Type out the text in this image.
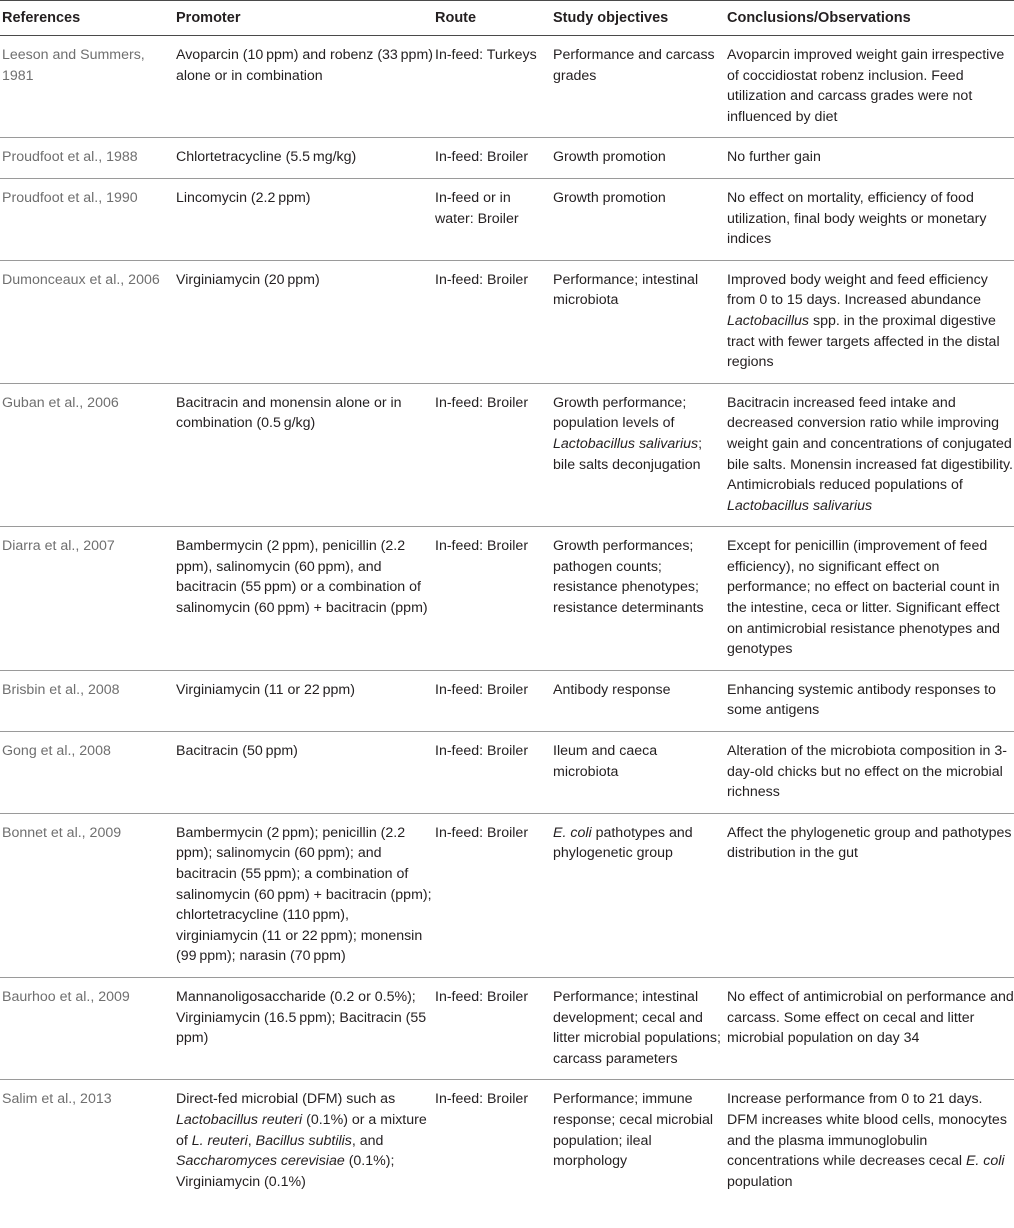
References	Promoter	Route	Study objectives	Conclusions/Observations
Leeson and Summers, 1981	Avoparcin (10 ppm) and robenz (33 ppm) alone or in combination	In-feed: Turkeys	Performance and carcass grades	Avoparcin improved weight gain irrespective of coccidiostat robenz inclusion. Feed utilization and carcass grades were not influenced by diet
Proudfoot et al., 1988	Chlortetracycline (5.5 mg/kg)	In-feed: Broiler	Growth promotion	No further gain
Proudfoot et al., 1990	Lincomycin (2.2 ppm)	In-feed or in water: Broiler	Growth promotion	No effect on mortality, efficiency of food utilization, final body weights or monetary indices
Dumonceaux et al., 2006	Virginiamycin (20 ppm)	In-feed: Broiler	Performance; intestinal microbiota	Improved body weight and feed efficiency from 0 to 15 days. Increased abundance Lactobacillus spp. in the proximal digestive tract with fewer targets affected in the distal regions
Guban et al., 2006	Bacitracin and monensin alone or in combination (0.5 g/kg)	In-feed: Broiler	Growth performance; population levels of Lactobacillus salivarius; bile salts deconjugation	Bacitracin increased feed intake and decreased conversion ratio while improving weight gain and concentrations of conjugated bile salts. Monensin increased fat digestibility. Antimicrobials reduced populations of Lactobacillus salivarius
Diarra et al., 2007	Bambermycin (2 ppm), penicillin (2.2 ppm), salinomycin (60 ppm), and bacitracin (55 ppm) or a combination of salinomycin (60 ppm) + bacitracin (ppm)	In-feed: Broiler	Growth performances; pathogen counts; resistance phenotypes; resistance determinants	Except for penicillin (improvement of feed efficiency), no significant effect on performance; no effect on bacterial count in the intestine, ceca or litter. Significant effect on antimicrobial resistance phenotypes and genotypes
Brisbin et al., 2008	Virginiamycin (11 or 22 ppm)	In-feed: Broiler	Antibody response	Enhancing systemic antibody responses to some antigens
Gong et al., 2008	Bacitracin (50 ppm)	In-feed: Broiler	Ileum and caeca microbiota	Alteration of the microbiota composition in 3-day-old chicks but no effect on the microbial richness
Bonnet et al., 2009	Bambermycin (2 ppm); penicillin (2.2 ppm); salinomycin (60 ppm); and bacitracin (55 ppm); a combination of salinomycin (60 ppm) + bacitracin (ppm); chlortetracycline (110 ppm), virginiamycin (11 or 22 ppm); monensin (99 ppm); narasin (70 ppm)	In-feed: Broiler	E. coli pathotypes and phylogenetic group	Affect the phylogenetic group and pathotypes distribution in the gut
Baurhoo et al., 2009	Mannanoligosaccharide (0.2 or 0.5%); Virginiamycin (16.5 ppm); Bacitracin (55 ppm)	In-feed: Broiler	Performance; intestinal development; cecal and litter microbial populations; carcass parameters	No effect of antimicrobial on performance and carcass. Some effect on cecal and litter microbial population on day 34
Salim et al., 2013	Direct-fed microbial (DFM) such as Lactobacillus reuteri (0.1%) or a mixture of L. reuteri, Bacillus subtilis, and Saccharomyces cerevisiae (0.1%); Virginiamycin (0.1%)	In-feed: Broiler	Performance; immune response; cecal microbial population; ileal morphology	Increase performance from 0 to 21 days. DFM increases white blood cells, monocytes and the plasma immunoglobulin concentrations while decreases cecal E. coli population
